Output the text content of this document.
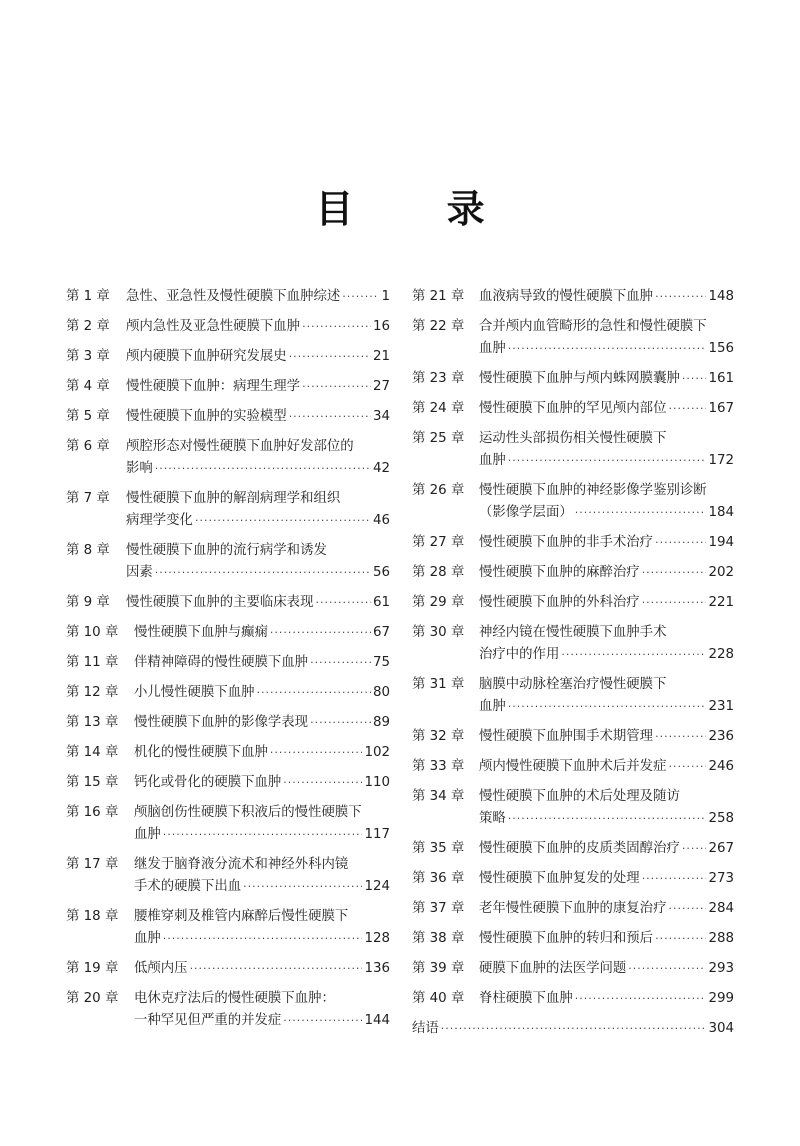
目 录
第 1 章	急性、亚急性及慢性硬膜下血肿综述 ·····	1
第 2 章	颅内急性及亚急性硬膜下血肿 ·····	16
第 3 章	颅内硬膜下血肿研究发展史 ·····	21
第 4 章	慢性硬膜下血肿：病理生理学 ·····	27
第 5 章	慢性硬膜下血肿的实验模型 ·····	34
第 6 章	颅腔形态对慢性硬膜下血肿好发部位的
影响 ·····	42
第 7 章	慢性硬膜下血肿的解剖病理学和组织
病理学变化 ·····	46
第 8 章	慢性硬膜下血肿的流行病学和诱发
因素 ·····	56
第 9 章	慢性硬膜下血肿的主要临床表现 ·····	61
第 10 章	慢性硬膜下血肿与癫痫 ·····	67
第 11 章	伴精神障碍的慢性硬膜下血肿 ·····	75
第 12 章	小儿慢性硬膜下血肿 ·····	80
第 13 章	慢性硬膜下血肿的影像学表现 ·····	89
第 14 章	机化的慢性硬膜下血肿 ·····	102
第 15 章	钙化或骨化的硬膜下血肿 ·····	110
第 16 章	颅脑创伤性硬膜下积液后的慢性硬膜下
血肿 ·····	117
第 17 章	继发于脑脊液分流术和神经外科内镜
手术的硬膜下出血 ·····	124
第 18 章	腰椎穿刺及椎管内麻醉后慢性硬膜下
血肿 ·····	128
第 19 章	低颅内压 ·····	136
第 20 章	电休克疗法后的慢性硬膜下血肿：
一种罕见但严重的并发症 ·····	144
第 21 章	血液病导致的慢性硬膜下血肿 ·····	148
第 22 章	合并颅内血管畸形的急性和慢性硬膜下
血肿 ·····	156
第 23 章	慢性硬膜下血肿与颅内蛛网膜囊肿 ····· 161
第 24 章	慢性硬膜下血肿的罕见颅内部位 ·····	167
第 25 章	运动性头部损伤相关慢性硬膜下
血肿 ·····	172
第 26 章	慢性硬膜下血肿的神经影像学鉴别诊断
（影像学层面） ·····	184
第 27 章	慢性硬膜下血肿的非手术治疗 ·····	194
第 28 章	慢性硬膜下血肿的麻醉治疗 ·····	202
第 29 章	慢性硬膜下血肿的外科治疗 ·····	221
第 30 章	神经内镜在慢性硬膜下血肿手术
治疗中的作用 ·····	228
第 31 章	脑膜中动脉栓塞治疗慢性硬膜下
血肿 ·····	231
第 32 章	慢性硬膜下血肿围手术期管理 ·····	236
第 33 章	颅内慢性硬膜下血肿术后并发症 ·····	246
第 34 章	慢性硬膜下血肿的术后处理及随访
策略 ·····	258
第 35 章	慢性硬膜下血肿的皮质类固醇治疗 ····· 267
第 36 章	慢性硬膜下血肿复发的处理 ·····	273
第 37 章	老年慢性硬膜下血肿的康复治疗 ·····	284
第 38 章	慢性硬膜下血肿的转归和预后 ·····	288
第 39 章	硬膜下血肿的法医学问题 ·····	293
第 40 章	脊柱硬膜下血肿 ·····	299
结语 ·····	304
